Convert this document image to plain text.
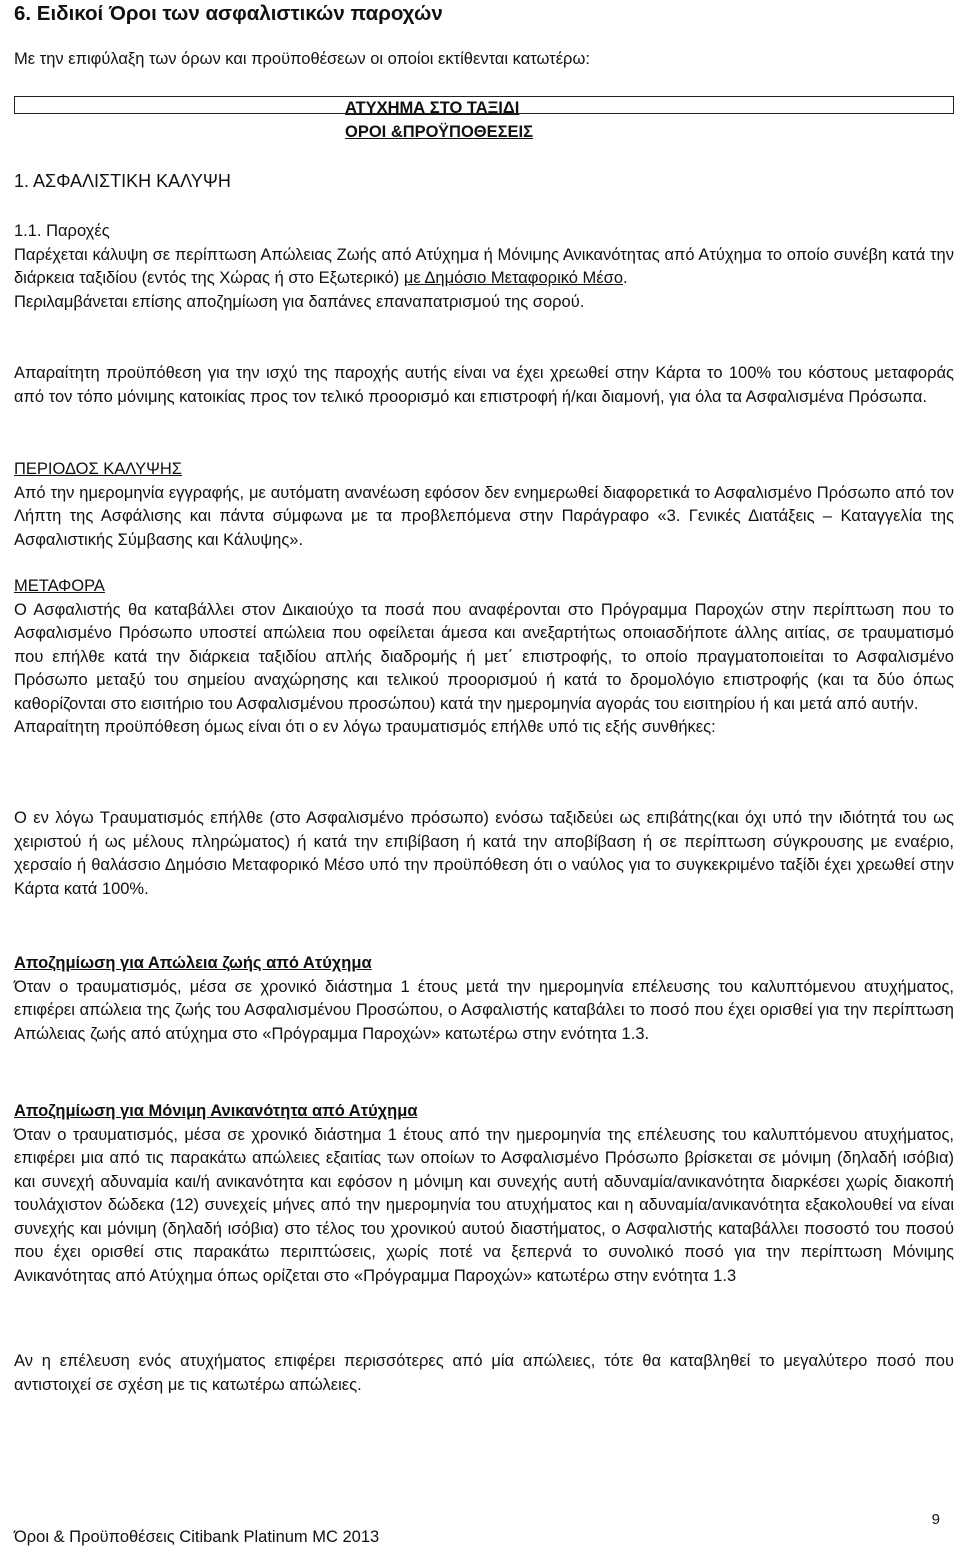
6. Ειδικοί Όροι των ασφαλιστικών παροχών
Με την επιφύλαξη των όρων και προϋποθέσεων οι οποίοι εκτίθενται κατωτέρω:
ΑΤΥΧΗΜΑ ΣΤΟ ΤΑΞΙΔΙ
ΟΡΟΙ &ΠΡΟΫΠΟΘΕΣΕΙΣ
1. ΑΣΦΑΛΙΣΤΙΚΗ ΚΑΛΥΨΗ

1.1. Παροχές

Παρέχεται κάλυψη σε περίπτωση Απώλειας Ζωής από Ατύχημα ή Μόνιμης Ανικανότητας από Ατύχημα το οποίο συνέβη κατά την διάρκεια ταξιδίου (εντός της Χώρας ή στο Εξωτερικό) με Δημόσιο Μεταφορικό Μέσο.

Περιλαμβάνεται επίσης αποζημίωση για δαπάνες επαναπατρισμού της σορού.

Απαραίτητη προϋπόθεση για την ισχύ της παροχής αυτής είναι να έχει χρεωθεί στην Κάρτα το 100% του κόστους μεταφοράς από τον τόπο μόνιμης κατοικίας προς τον τελικό προορισμό και επιστροφή ή/και διαμονή, για όλα τα Ασφαλισμένα Πρόσωπα.

ΠΕΡΙΟΔΟΣ ΚΑΛΥΨΗΣ

Από την ημερομηνία εγγραφής, με αυτόματη ανανέωση εφόσον δεν ενημερωθεί διαφορετικά το Ασφαλισμένο Πρόσωπο από τον Λήπτη της Ασφάλισης και πάντα σύμφωνα με τα προβλεπόμενα στην Παράγραφο «3. Γενικές Διατάξεις – Καταγγελία της Ασφαλιστικής Σύμβασης και Κάλυψης».

ΜΕΤΑΦΟΡΑ

Ο Ασφαλιστής θα καταβάλλει στον Δικαιούχο τα ποσά που αναφέρονται στο Πρόγραμμα Παροχών στην περίπτωση που το Ασφαλισμένο Πρόσωπο υποστεί απώλεια που οφείλεται άμεσα και ανεξαρτήτως οποιασδήποτε άλλης αιτίας, σε τραυματισμό που επήλθε κατά την διάρκεια ταξιδίου απλής διαδρομής ή μετ΄ επιστροφής, το οποίο πραγματοποιείται το Ασφαλισμένο Πρόσωπο μεταξύ του σημείου αναχώρησης και τελικού προορισμού ή κατά το δρομολόγιο επιστροφής (και τα δύο όπως καθορίζονται στο εισιτήριο του Ασφαλισμένου προσώπου) κατά την ημερομηνία αγοράς του εισιτηρίου ή και μετά από αυτήν.

Απαραίτητη προϋπόθεση όμως είναι ότι ο εν λόγω τραυματισμός επήλθε υπό τις εξής συνθήκες:

Ο εν λόγω Τραυματισμός επήλθε (στο Ασφαλισμένο πρόσωπο) ενόσω ταξιδεύει ως επιβάτης(και όχι υπό την ιδιότητά του ως χειριστού ή ως μέλους πληρώματος) ή κατά την επιβίβαση ή κατά την αποβίβαση ή σε περίπτωση σύγκρουσης με εναέριο, χερσαίο ή θαλάσσιο Δημόσιο Μεταφορικό Μέσο υπό την προϋπόθεση ότι ο ναύλος για το συγκεκριμένο ταξίδι έχει χρεωθεί στην Κάρτα κατά 100%.

Αποζημίωση για Απώλεια ζωής από Ατύχημα

Όταν ο τραυματισμός, μέσα σε χρονικό διάστημα 1 έτους μετά την ημερομηνία επέλευσης του καλυπτόμενου ατυχήματος, επιφέρει απώλεια της ζωής του Ασφαλισμένου Προσώπου, ο Ασφαλιστής καταβάλει το ποσό που έχει ορισθεί για την περίπτωση Απώλειας ζωής από ατύχημα στο «Πρόγραμμα Παροχών» κατωτέρω στην ενότητα 1.3.

Αποζημίωση για Μόνιμη Ανικανότητα από Ατύχημα

Όταν ο τραυματισμός, μέσα σε χρονικό διάστημα 1 έτους από την ημερομηνία της επέλευσης του καλυπτόμενου ατυχήματος, επιφέρει μια από τις παρακάτω απώλειες εξαιτίας των οποίων το Ασφαλισμένο Πρόσωπο βρίσκεται σε μόνιμη (δηλαδή ισόβια) και συνεχή αδυναμία και/ή ανικανότητα και εφόσον η μόνιμη και συνεχής αυτή αδυναμία/ανικανότητα διαρκέσει χωρίς διακοπή τουλάχιστον δώδεκα (12) συνεχείς μήνες από την ημερομηνία του ατυχήματος και η αδυναμία/ανικανότητα εξακολουθεί να είναι συνεχής και μόνιμη (δηλαδή ισόβια) στο τέλος του χρονικού αυτού διαστήματος, ο Ασφαλιστής καταβάλλει ποσοστό του ποσού που έχει ορισθεί στις παρακάτω περιπτώσεις, χωρίς ποτέ να ξεπερνά το συνολικό ποσό για την περίπτωση Μόνιμης Ανικανότητας από Ατύχημα όπως ορίζεται στο «Πρόγραμμα Παροχών» κατωτέρω στην ενότητα 1.3

Αν η επέλευση ενός ατυχήματος επιφέρει περισσότερες από μία απώλειες, τότε θα καταβληθεί το μεγαλύτερο ποσό που αντιστοιχεί σε σχέση με τις κατωτέρω απώλειες.
9
Όροι & Προϋποθέσεις Citibank Platinum MC 2013
